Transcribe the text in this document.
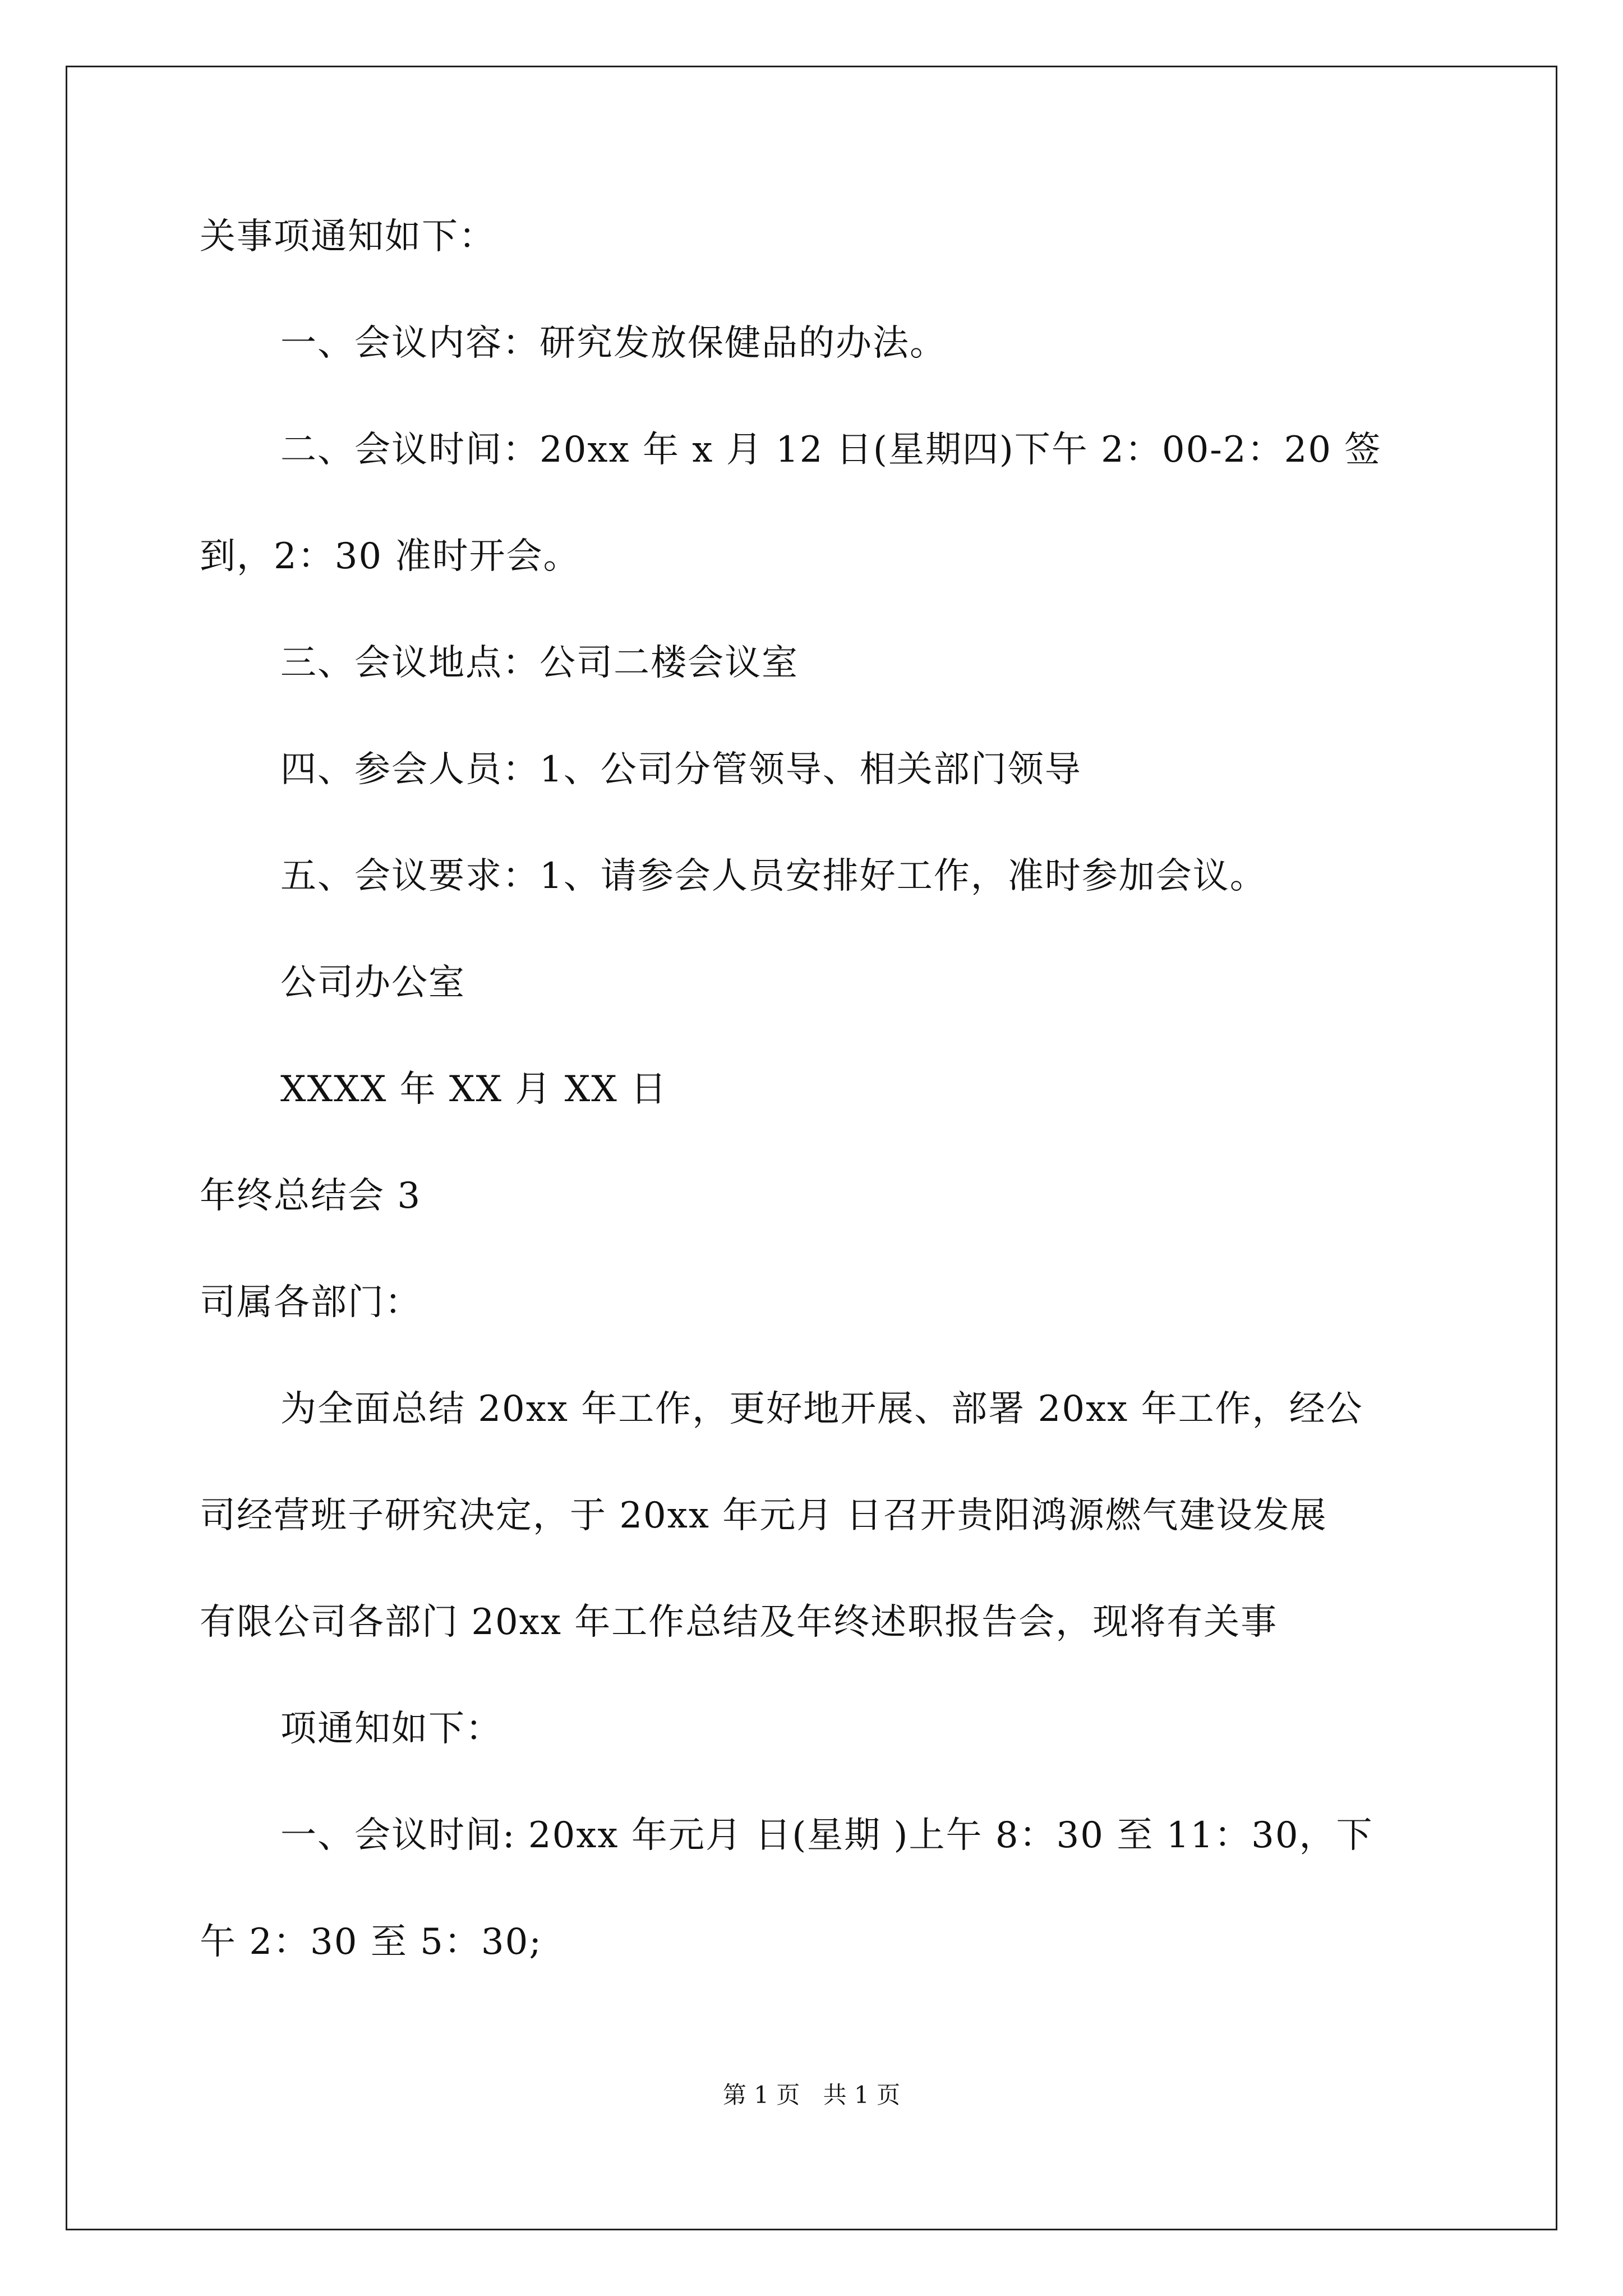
关事项通知如下：
一、会议内容：研究发放保健品的办法。
二、会议时间：20xx 年 x 月 12 日(星期四)下午 2：00-2：20 签
到，2：30 准时开会。
三、会议地点：公司二楼会议室
四、参会人员：1、公司分管领导、相关部门领导
五、会议要求：1、请参会人员安排好工作，准时参加会议。
公司办公室
XXXX 年 XX 月 XX 日
年终总结会 3
司属各部门：
为全面总结 20xx 年工作，更好地开展、部署 20xx 年工作，经公
司经营班子研究决定，于 20xx 年元月 日召开贵阳鸿源燃气建设发展
有限公司各部门 20xx 年工作总结及年终述职报告会，现将有关事
项通知如下：
一、会议时间: 20xx 年元月 日(星期 )上午 8：30 至 11：30，下
午 2：30 至 5：30;
第 1 页 共 1 页
